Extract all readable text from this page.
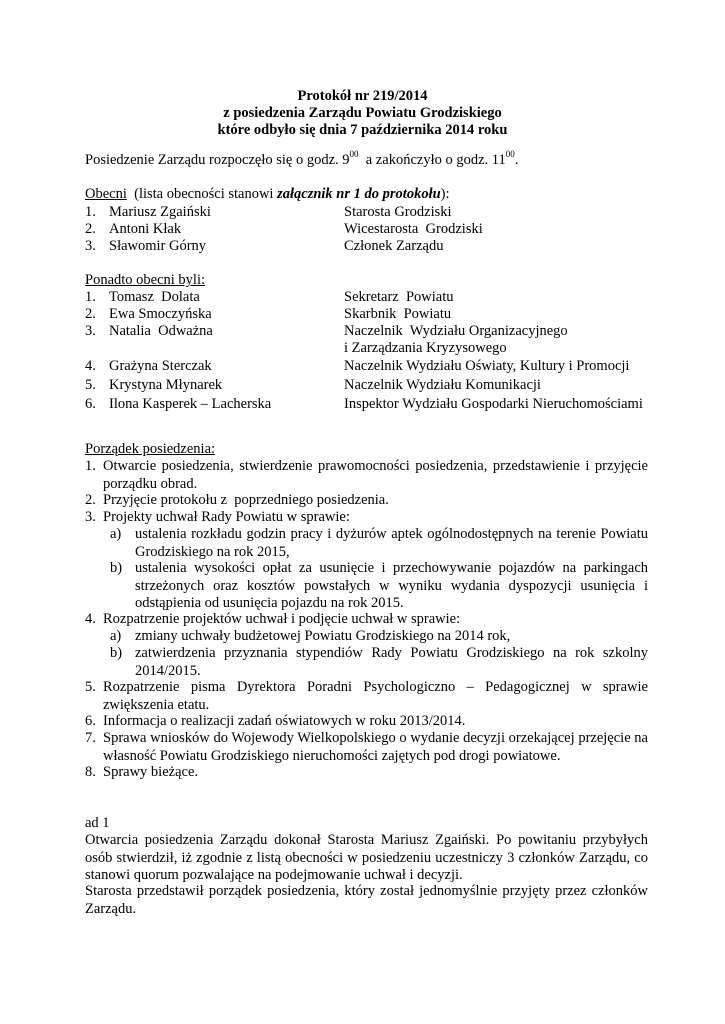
Protokół nr 219/2014
z posiedzenia Zarządu Powiatu Grodziskiego
które odbyło się dnia 7 października 2014 roku
Posiedzenie Zarządu rozpoczęło się o godz. $9^{00}$  a zakończyło o godz. $11^{00}$.
Obecni  (lista obecności stanowi załącznik nr 1 do protokołu):
1. Mariusz Zgaiński	Starosta Grodziski
2. Antoni Kłak	Wicestarosta  Grodziski
3. Sławomir Górny	Członek Zarządu
Ponadto obecni byli:
1. Tomasz  Dolata	Sekretarz  Powiatu
2. Ewa Smoczyńska	Skarbnik  Powiatu
3. Natalia  Odważna	Naczelnik  Wydziału Organizacyjnego
i Zarządzania Kryzysowego
4. Grażyna Sterczak	Naczelnik Wydziału Oświaty, Kultury i Promocji
5. Krystyna Młynarek	Naczelnik Wydziału Komunikacji
6. Ilona Kasperek – Lacherska	Inspektor Wydziału Gospodarki Nieruchomościami
Porządek posiedzenia:
1. Otwarcie posiedzenia, stwierdzenie prawomocności posiedzenia, przedstawienie i przyjęcie porządku obrad.
2. Przyjęcie protokołu z  poprzedniego posiedzenia.
3. Projekty uchwał Rady Powiatu w sprawie:
a) ustalenia rozkładu godzin pracy i dyżurów aptek ogólnodostępnych na terenie Powiatu Grodziskiego na rok 2015,
b) ustalenia wysokości opłat za usunięcie i przechowywanie pojazdów na parkingach strzeżonych oraz kosztów powstałych w wyniku wydania dyspozycji usunięcia i odstąpienia od usunięcia pojazdu na rok 2015.
4. Rozpatrzenie projektów uchwał i podjęcie uchwał w sprawie:
a) zmiany uchwały budżetowej Powiatu Grodziskiego na 2014 rok,
b) zatwierdzenia przyznania stypendiów Rady Powiatu Grodziskiego na rok szkolny 2014/2015.
5. Rozpatrzenie pisma Dyrektora Poradni Psychologiczno – Pedagogicznej w sprawie zwiększenia etatu.
6. Informacja o realizacji zadań oświatowych w roku 2013/2014.
7. Sprawa wniosków do Wojewody Wielkopolskiego o wydanie decyzji orzekającej przejęcie na własność Powiatu Grodziskiego nieruchomości zajętych pod drogi powiatowe.
8. Sprawy bieżące.
ad 1
Otwarcia posiedzenia Zarządu dokonał Starosta Mariusz Zgaiński. Po powitaniu przybyłych osób stwierdził, iż zgodnie z listą obecności w posiedzeniu uczestniczy 3 członków Zarządu, co stanowi quorum pozwalające na podejmowanie uchwał i decyzji.
Starosta przedstawił porządek posiedzenia, który został jednomyślnie przyjęty przez członków Zarządu.
